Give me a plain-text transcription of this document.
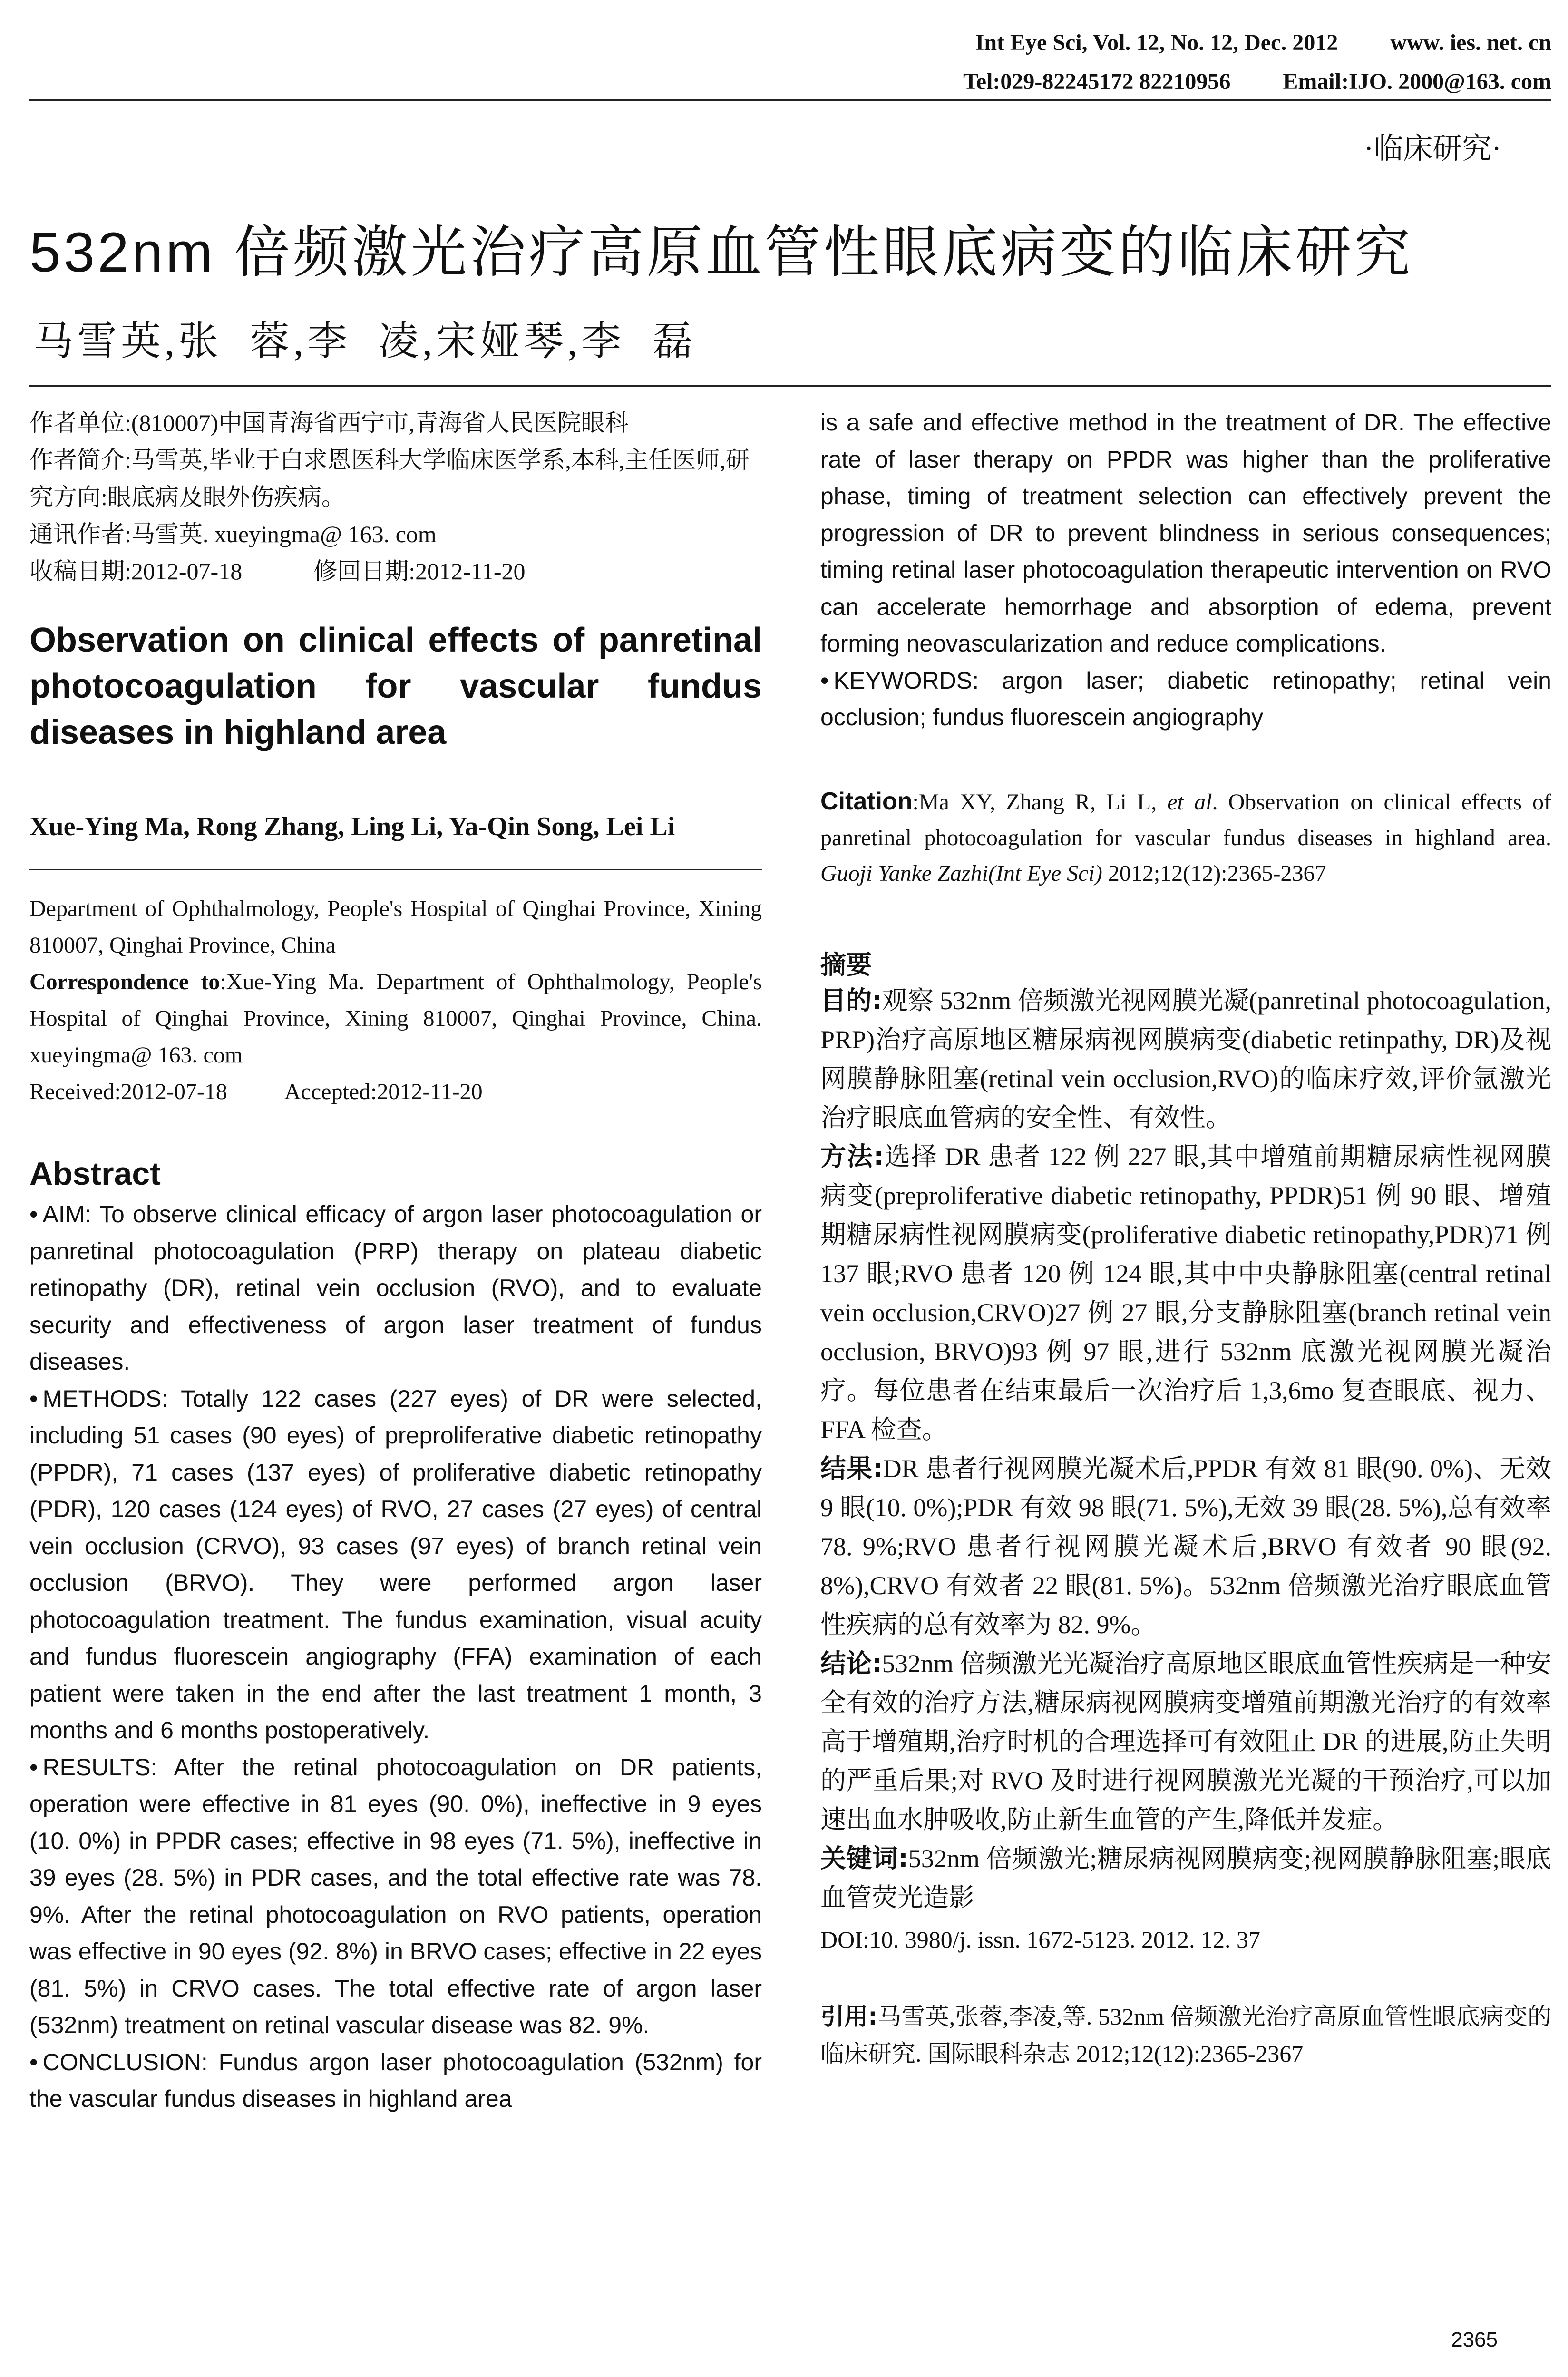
Int Eye Sci, Vol. 12, No. 12, Dec. 2012 www. ies. net. cn
Tel:029-82245172 82210956 Email:IJO. 2000@163. com
·临床研究·
532nm 倍频激光治疗高原血管性眼底病变的临床研究
马雪英,张  蓉,李  凌,宋娅琴,李  磊

作者单位:(810007)中国青海省西宁市,青海省人民医院眼科

作者简介:马雪英,毕业于白求恩医科大学临床医学系,本科,主任医师,研究方向:眼底病及眼外伤疾病。

通讯作者:马雪英. xueyingma@ 163. com

收稿日期:2012-07-18	修回日期:2012-11-20

Observation on clinical effects of panretinal photocoagulation for vascular fundus diseases in highland area
Xue-Ying Ma, Rong Zhang, Ling Li, Ya-Qin Song, Lei Li

Department of Ophthalmology, People's Hospital of Qinghai Province, Xining 810007, Qinghai Province, China

Correspondence to:Xue-Ying Ma. Department of Ophthalmology, People's Hospital of Qinghai Province, Xining 810007, Qinghai Province, China. xueyingma@ 163. com

Received:2012-07-18	Accepted:2012-11-20

Abstract

• AIM: To observe clinical efficacy of argon laser photocoagulation or panretinal photocoagulation (PRP) therapy on plateau diabetic retinopathy (DR), retinal vein occlusion (RVO), and to evaluate security and effectiveness of argon laser treatment of fundus diseases.

• METHODS: Totally 122 cases (227 eyes) of DR were selected, including 51 cases (90 eyes) of preproliferative diabetic retinopathy (PPDR), 71 cases (137 eyes) of proliferative diabetic retinopathy (PDR), 120 cases (124 eyes) of RVO, 27 cases (27 eyes) of central vein occlusion (CRVO), 93 cases (97 eyes) of branch retinal vein occlusion (BRVO). They were performed argon laser photocoagulation treatment. The fundus examination, visual acuity and fundus fluorescein angiography (FFA) examination of each patient were taken in the end after the last treatment 1 month, 3 months and 6 months postoperatively.

• RESULTS: After the retinal photocoagulation on DR patients, operation were effective in 81 eyes (90. 0%), ineffective in 9 eyes (10. 0%) in PPDR cases; effective in 98 eyes (71. 5%), ineffective in 39 eyes (28. 5%) in PDR cases, and the total effective rate was 78. 9%. After the retinal photocoagulation on RVO patients, operation was effective in 90 eyes (92. 8%) in BRVO cases; effective in 22 eyes (81. 5%) in CRVO cases. The total effective rate of argon laser (532nm) treatment on retinal vascular disease was 82. 9%.

• CONCLUSION: Fundus argon laser photocoagulation (532nm) for the vascular fundus diseases in highland area

is a safe and effective method in the treatment of DR. The effective rate of laser therapy on PPDR was higher than the proliferative phase, timing of treatment selection can effectively prevent the progression of DR to prevent blindness in serious consequences; timing retinal laser photocoagulation therapeutic intervention on RVO can accelerate hemorrhage and absorption of edema, prevent forming neovascularization and reduce complications.

• KEYWORDS: argon laser; diabetic retinopathy; retinal vein occlusion; fundus fluorescein angiography

Citation:Ma XY, Zhang R, Li L, et al. Observation on clinical effects of panretinal photocoagulation for vascular fundus diseases in highland area. Guoji Yanke Zazhi(Int Eye Sci) 2012;12(12):2365-2367
摘要

目的:观察 532nm 倍频激光视网膜光凝(panretinal photocoagulation, PRP)治疗高原地区糖尿病视网膜病变(diabetic retinpathy, DR)及视网膜静脉阻塞(retinal vein occlusion,RVO)的临床疗效,评价氩激光治疗眼底血管病的安全性、有效性。

方法:选择 DR 患者 122 例 227 眼,其中增殖前期糖尿病性视网膜病变(preproliferative diabetic retinopathy, PPDR)51 例 90 眼、增殖期糖尿病性视网膜病变(proliferative diabetic retinopathy,PDR)71 例 137 眼;RVO 患者 120 例 124 眼,其中中央静脉阻塞(central retinal vein occlusion,CRVO)27 例 27 眼,分支静脉阻塞(branch retinal vein occlusion, BRVO)93 例 97 眼,进行 532nm 底激光视网膜光凝治疗。每位患者在结束最后一次治疗后 1,3,6mo 复查眼底、视力、FFA 检查。

结果:DR 患者行视网膜光凝术后,PPDR 有效 81 眼(90. 0%)、无效 9 眼(10. 0%);PDR 有效 98 眼(71. 5%),无效 39 眼(28. 5%),总有效率 78. 9%;RVO 患者行视网膜光凝术后,BRVO 有效者 90 眼(92. 8%),CRVO 有效者 22 眼(81. 5%)。532nm 倍频激光治疗眼底血管性疾病的总有效率为 82. 9%。

结论:532nm 倍频激光光凝治疗高原地区眼底血管性疾病是一种安全有效的治疗方法,糖尿病视网膜病变增殖前期激光治疗的有效率高于增殖期,治疗时机的合理选择可有效阻止 DR 的进展,防止失明的严重后果;对 RVO 及时进行视网膜激光光凝的干预治疗,可以加速出血水肿吸收,防止新生血管的产生,降低并发症。

关键词:532nm 倍频激光;糖尿病视网膜病变;视网膜静脉阻塞;眼底血管荧光造影

DOI:10. 3980/j. issn. 1672-5123. 2012. 12. 37
引用:马雪英,张蓉,李凌,等. 532nm 倍频激光治疗高原血管性眼底病变的临床研究. 国际眼科杂志 2012;12(12):2365-2367
2365
